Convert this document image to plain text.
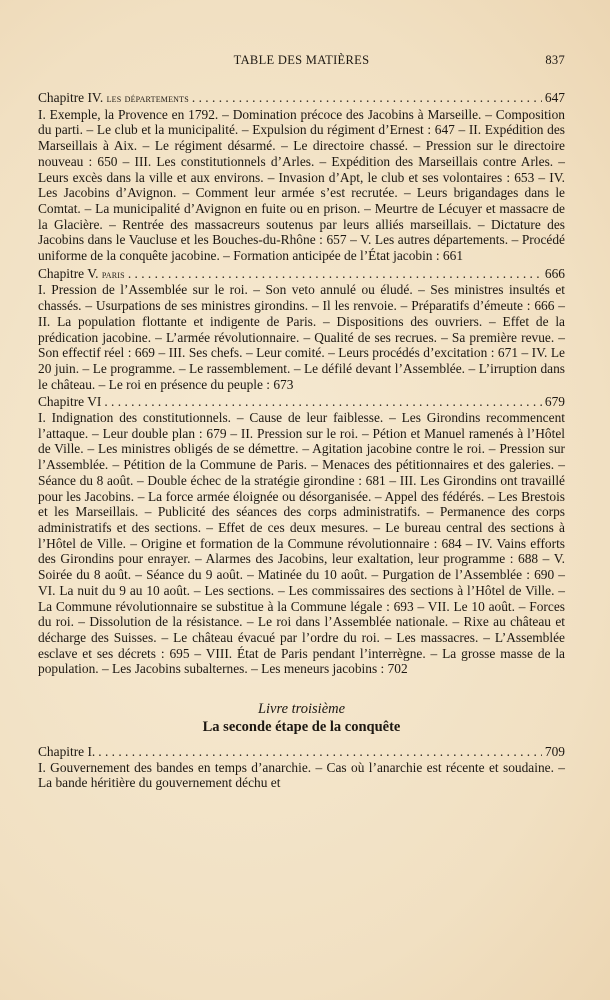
TABLE DES MATIÈRES	837
Chapitre IV. les départements . . .	647

I. Exemple, la Provence en 1792. – Domination précoce des Jacobins à Marseille. – Composition du parti. – Le club et la municipalité. – Expulsion du régiment d’Ernest : 647 – II. Expédition des Marseillais à Aix. – Le régiment désarmé. – Le directoire chassé. – Pression sur le directoire nouveau : 650 – III. Les constitutionnels d’Arles. – Expédition des Marseillais contre Arles. – Leurs excès dans la ville et aux environs. – Invasion d’Apt, le club et ses volontaires : 653 – IV. Les Jacobins d’Avignon. – Comment leur armée s’est recrutée. – Leurs brigandages dans le Comtat. – La municipalité d’Avignon en fuite ou en prison. – Meurtre de Lécuyer et massacre de la Glacière. – Rentrée des massacreurs soutenus par leurs alliés marseillais. – Dictature des Jacobins dans le Vaucluse et les Bouches-du-Rhône : 657 – V. Les autres départements. – Procédé uniforme de la conquête jacobine. – Formation anticipée de l’État jacobin : 661

Chapitre V. paris . . .	666

I. Pression de l’Assemblée sur le roi. – Son veto annulé ou éludé. – Ses ministres insultés et chassés. – Usurpations de ses ministres girondins. – Il les renvoie. – Préparatifs d’émeute : 666 – II. La population flottante et indigente de Paris. – Dispositions des ouvriers. – Effet de la prédication jacobine. – L’armée révolutionnaire. – Qualité de ses recrues. – Sa première revue. – Son effectif réel : 669 – III. Ses chefs. – Leur comité. – Leurs procédés d’excitation : 671 – IV. Le 20 juin. – Le programme. – Le rassemblement. – Le défilé devant l’Assemblée. – L’irruption dans le château. – Le roi en présence du peuple : 673

Chapitre VI . . .	679

I. Indignation des constitutionnels. – Cause de leur faiblesse. – Les Girondins recommencent l’attaque. – Leur double plan : 679 – II. Pression sur le roi. – Pétion et Manuel ramenés à l’Hôtel de Ville. – Les ministres obligés de se démettre. – Agitation jacobine contre le roi. – Pression sur l’Assemblée. – Pétition de la Commune de Paris. – Menaces des pétitionnaires et des galeries. – Séance du 8 août. – Double échec de la stratégie girondine : 681 – III. Les Girondins ont travaillé pour les Jacobins. – La force armée éloignée ou désorganisée. – Appel des fédérés. – Les Brestois et les Marseillais. – Publicité des séances des corps administratifs. – Permanence des corps administratifs et des sections. – Effet de ces deux mesures. – Le bureau central des sections à l’Hôtel de Ville. – Origine et formation de la Commune révolutionnaire : 684 – IV. Vains efforts des Girondins pour enrayer. – Alarmes des Jacobins, leur exaltation, leur programme : 688 – V. Soirée du 8 août. – Séance du 9 août. – Matinée du 10 août. – Purgation de l’Assemblée : 690 – VI. La nuit du 9 au 10 août. – Les sections. – Les commissaires des sections à l’Hôtel de Ville. – La Commune révolutionnaire se substitue à la Commune légale : 693 – VII. Le 10 août. – Forces du roi. – Dissolution de la résistance. – Le roi dans l’Assemblée nationale. – Rixe au château et décharge des Suisses. – Le château évacué par l’ordre du roi. – Les massacres. – L’Assemblée esclave et ses décrets : 695 – VIII. État de Paris pendant l’interrègne. – La grosse masse de la population. – Les Jacobins subalternes. – Les meneurs jacobins : 702

Livre troisième
La seconde étape de la conquête
Chapitre I. . . .	709

I. Gouvernement des bandes en temps d’anarchie. – Cas où l’anarchie est récente et soudaine. – La bande héritière du gouvernement déchu et
